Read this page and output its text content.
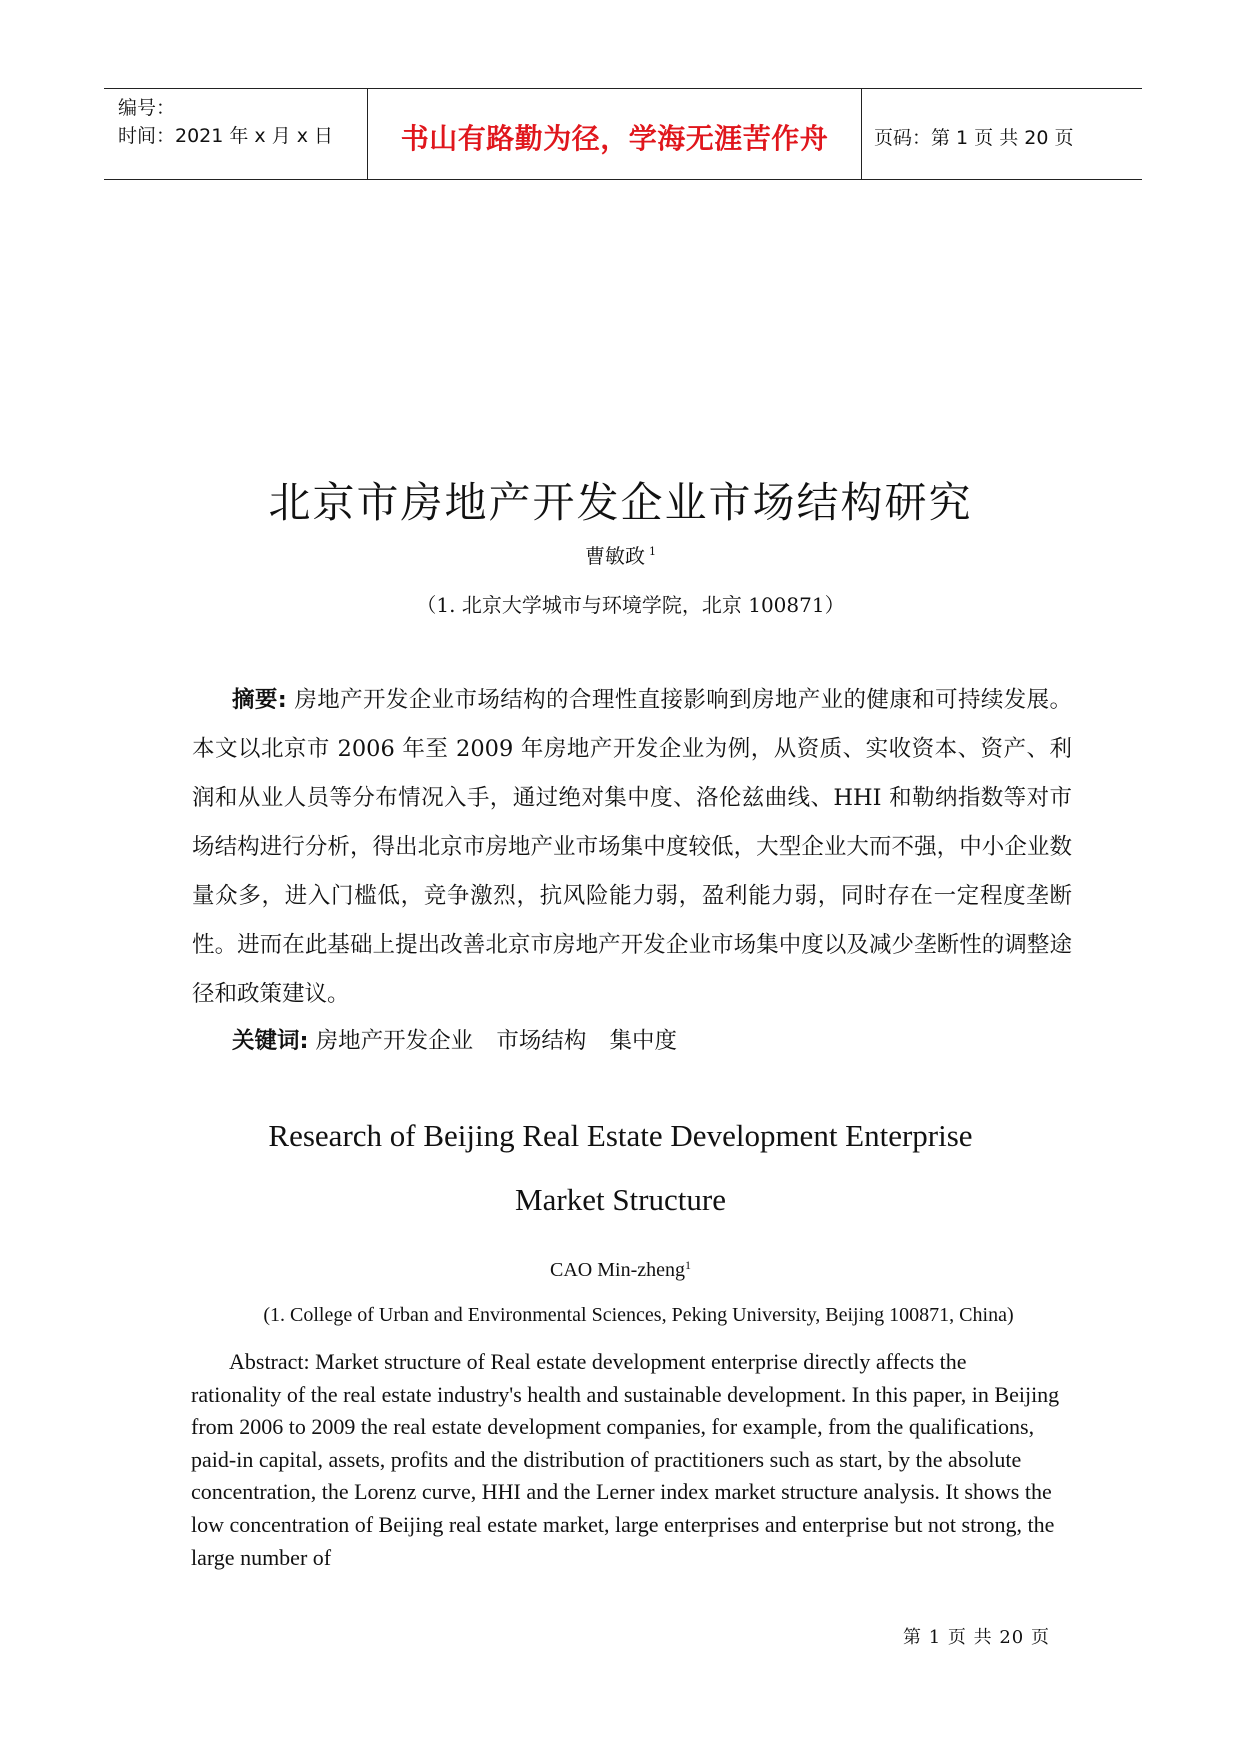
编号：
时间：2021 年 x 月 x 日	书山有路勤为径，学海无涯苦作舟	页码：第 1 页 共 20 页
北京市房地产开发企业市场结构研究
曹敏政 $^1$
（1. 北京大学城市与环境学院，北京 100871）

摘要: 房地产开发企业市场结构的合理性直接影响到房地产业的健康和可持续发展。本文以北京市 2006 年至 2009 年房地产开发企业为例，从资质、实收资本、资产、利润和从业人员等分布情况入手，通过绝对集中度、洛伦兹曲线、HHI 和勒纳指数等对市场结构进行分析，得出北京市房地产业市场集中度较低，大型企业大而不强，中小企业数量众多，进入门槛低，竞争激烈，抗风险能力弱，盈利能力弱，同时存在一定程度垄断性。进而在此基础上提出改善北京市房地产开发企业市场集中度以及减少垄断性的调整途径和政策建议。

关键词: 房地产开发企业 市场结构 集中度
Research of Beijing Real Estate Development Enterprise
Market Structure
CAO Min-zheng$^1$
(1. College of Urban and Environmental Sciences, Peking University, Beijing 100871, China)

Abstract: Market structure of Real estate development enterprise directly affects the rationality of the real estate industry's health and sustainable development. In this paper, in Beijing from 2006 to 2009 the real estate development companies, for example, from the qualifications, paid-in capital, assets, profits and the distribution of practitioners such as start, by the absolute concentration, the Lorenz curve, HHI and the Lerner index market structure analysis. It shows the low concentration of Beijing real estate market, large enterprises and enterprise but not strong, the large number of

第 1 页 共 20 页
